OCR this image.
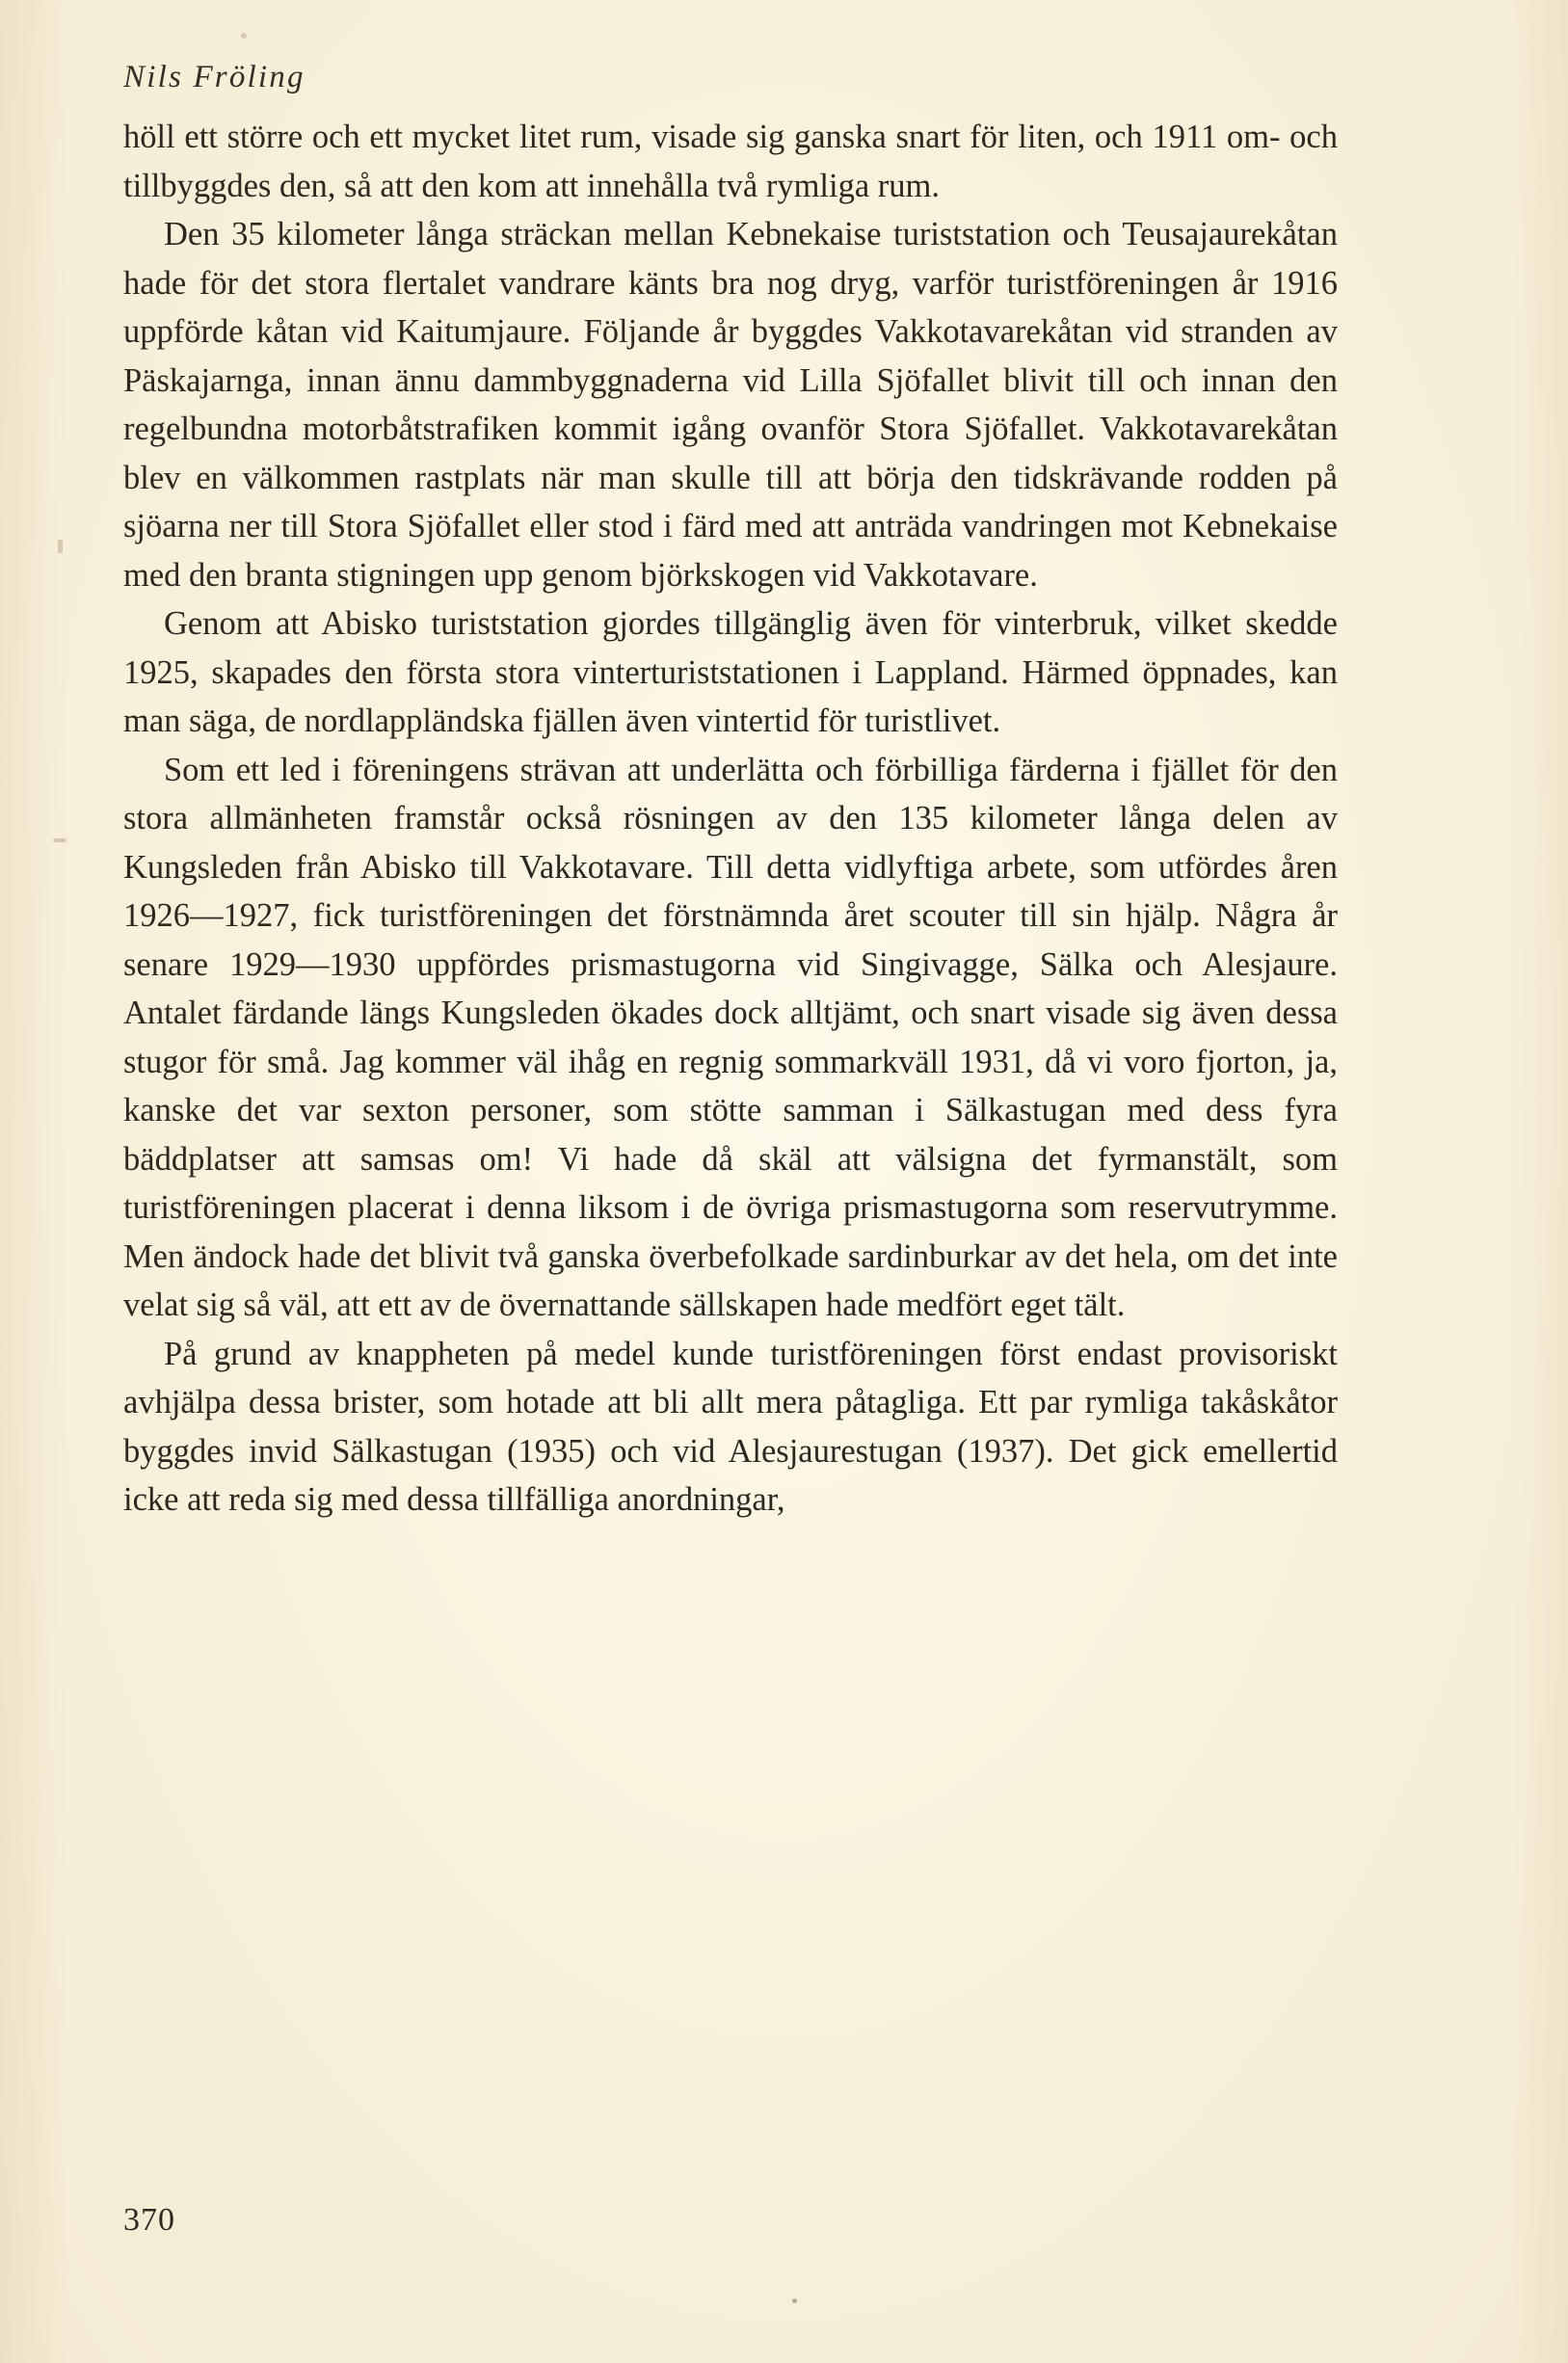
Nils Fröling

höll ett större och ett mycket litet rum, visade sig ganska snart för liten, och 1911 om- och tillbyggdes den, så att den kom att innehålla två rymliga rum.

Den 35 kilometer långa sträckan mellan Kebnekaise turiststation och Teusajaurekåtan hade för det stora flertalet vandrare känts bra nog dryg, varför turistföreningen år 1916 uppförde kåtan vid Kaitumjaure. Följande år byggdes Vakkotavarekåtan vid stranden av Päskajarnga, innan ännu dammbyggnaderna vid Lilla Sjöfallet blivit till och innan den regelbundna motorbåtstrafiken kommit igång ovanför Stora Sjöfallet. Vakkotavarekåtan blev en välkommen rastplats när man skulle till att börja den tidskrävande rodden på sjöarna ner till Stora Sjöfallet eller stod i färd med att anträda vandringen mot Kebnekaise med den branta stigningen upp genom björkskogen vid Vakkotavare.

Genom att Abisko turiststation gjordes tillgänglig även för vinterbruk, vilket skedde 1925, skapades den första stora vinterturiststationen i Lappland. Härmed öppnades, kan man säga, de nordlappländska fjällen även vintertid för turistlivet.

Som ett led i föreningens strävan att underlätta och förbilliga färderna i fjället för den stora allmänheten framstår också rösningen av den 135 kilometer långa delen av Kungsleden från Abisko till Vakkotavare. Till detta vidlyftiga arbete, som utfördes åren 1926—1927, fick turistföreningen det förstnämnda året scouter till sin hjälp. Några år senare 1929—1930 uppfördes prismastugorna vid Singivagge, Sälka och Alesjaure. Antalet färdande längs Kungsleden ökades dock alltjämt, och snart visade sig även dessa stugor för små. Jag kommer väl ihåg en regnig sommarkväll 1931, då vi voro fjorton, ja, kanske det var sexton personer, som stötte samman i Sälkastugan med dess fyra bäddplatser att samsas om! Vi hade då skäl att välsigna det fyrmanstält, som turistföreningen placerat i denna liksom i de övriga prismastugorna som reservutrymme. Men ändock hade det blivit två ganska överbefolkade sardinburkar av det hela, om det inte velat sig så väl, att ett av de övernattande sällskapen hade medfört eget tält.

På grund av knappheten på medel kunde turistföreningen först endast provisoriskt avhjälpa dessa brister, som hotade att bli allt mera påtagliga. Ett par rymliga takåskåtor byggdes invid Sälkastugan (1935) och vid Alesjaurestugan (1937). Det gick emellertid icke att reda sig med dessa tillfälliga anordningar,

370
